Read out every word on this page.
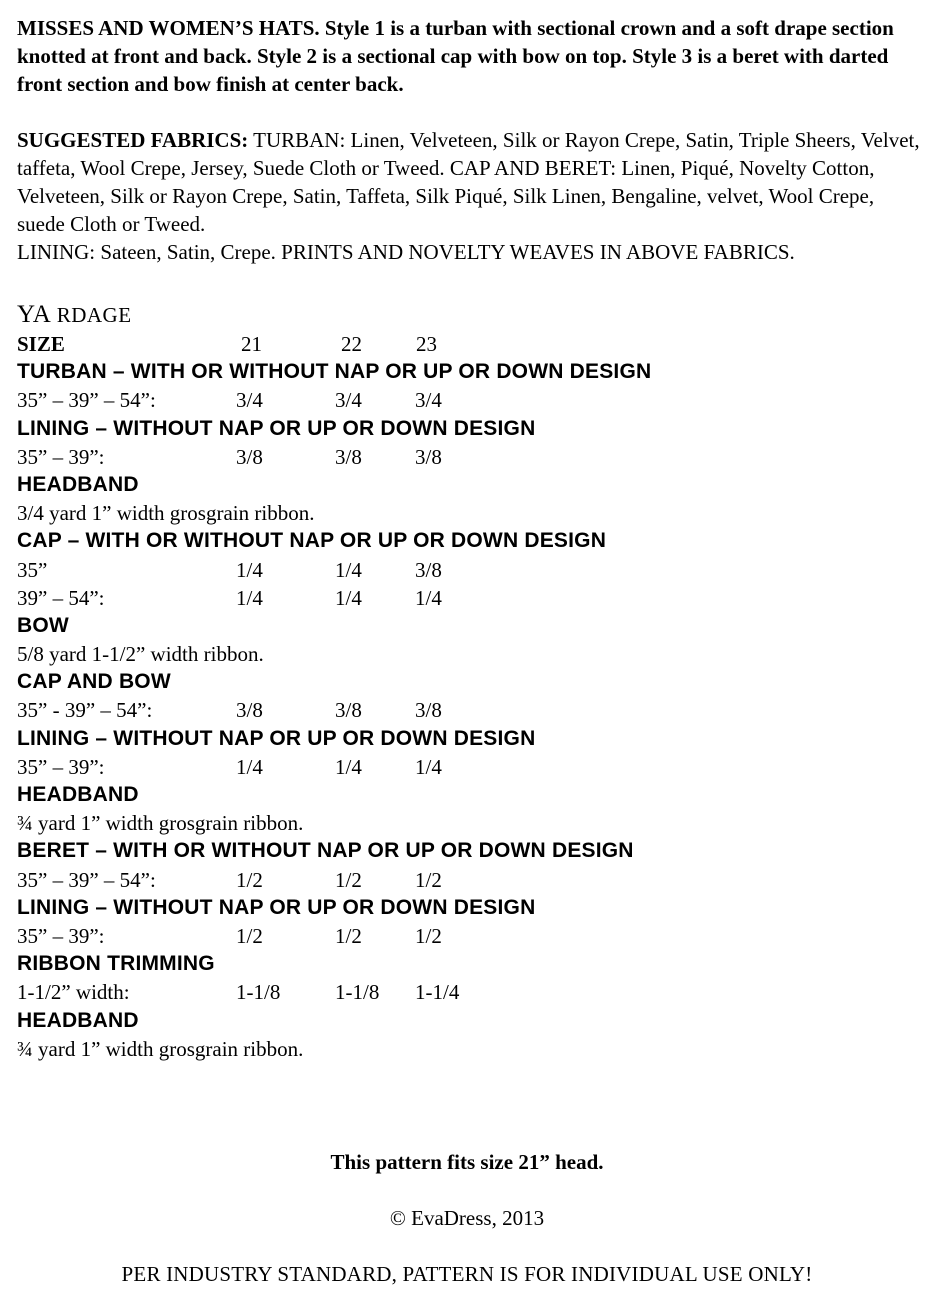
MISSES AND WOMEN’S HATS. Style 1 is a turban with sectional crown and a soft drape section knotted at front and back. Style 2 is a sectional cap with bow on top. Style 3 is a beret with darted front section and bow finish at center back.

SUGGESTED FABRICS: TURBAN: Linen, Velveteen, Silk or Rayon Crepe, Satin, Triple Sheers, Velvet, taffeta, Wool Crepe, Jersey, Suede Cloth or Tweed. CAP AND BERET: Linen, Piqué, Novelty Cotton, Velveteen, Silk or Rayon Crepe, Satin, Taffeta, Silk Piqué, Silk Linen, Bengaline, velvet, Wool Crepe, suede Cloth or Tweed.
LINING: Sateen, Satin, Crepe. PRINTS AND NOVELTY WEAVES IN ABOVE FABRICS.

YA RDAGE
SIZE	21	22	23
TURBAN – WITH OR WITHOUT NAP OR UP OR DOWN DESIGN
35” – 39” – 54”:	3/4	3/4	3/4
LINING – WITHOUT NAP OR UP OR DOWN DESIGN
35” – 39”:	3/8	3/8	3/8
HEADBAND
3/4 yard 1” width grosgrain ribbon.
CAP – WITH OR WITHOUT NAP OR UP OR DOWN DESIGN
35”	1/4	1/4	3/8
39” – 54”:	1/4	1/4	1/4
BOW
5/8 yard 1-1/2” width ribbon.
CAP AND BOW
35” - 39” – 54”:	3/8	3/8	3/8
LINING – WITHOUT NAP OR UP OR DOWN DESIGN
35” – 39”:	1/4	1/4	1/4
HEADBAND
¾ yard 1” width grosgrain ribbon.
BERET – WITH OR WITHOUT NAP OR UP OR DOWN DESIGN
35” – 39” – 54”:	1/2	1/2	1/2
LINING – WITHOUT NAP OR UP OR DOWN DESIGN
35” – 39”:	1/2	1/2	1/2
RIBBON TRIMMING
1-1/2” width:	1-1/8	1-1/8	1-1/4
HEADBAND
¾ yard 1” width grosgrain ribbon.
This pattern fits size 21” head.
© EvaDress, 2013
PER INDUSTRY STANDARD, PATTERN IS FOR INDIVIDUAL USE ONLY!
